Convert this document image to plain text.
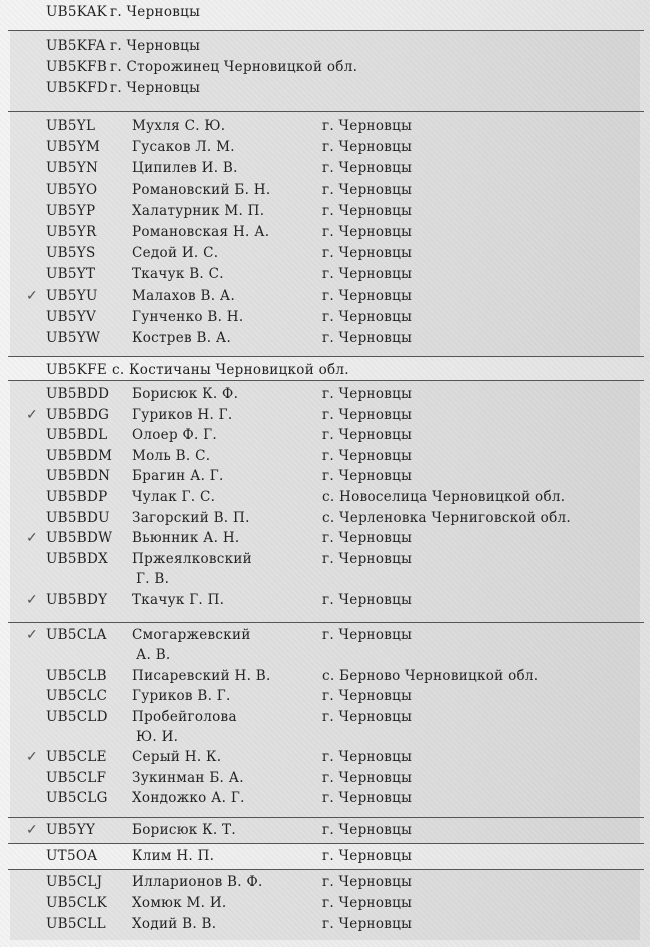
UB5KAK г. Черновцы
UB5KFA г. Черновцы
UB5KFB г. Сторожинец Черновицкой обл.
UB5KFD г. Черновцы
UB5YL	Мухля С. Ю.	г. Черновцы
UB5YM Гусаков Л. М.	г. Черновцы
UB5YN	Ципилев И. В.	г. Черновцы
UB5YO	Романовский Б. Н.	г. Черновцы
UB5YP	Халатурник М. П.	г. Черновцы
UB5YR	Романовская Н. А.	г. Черновцы
UB5YS	Седой И. С.	г. Черновцы
UB5YT	Ткачук В. С.	г. Черновцы
✓ UB5YU	Малахов В. А.	г. Черновцы
UB5YV	Гунченко В. Н.	г. Черновцы
UB5YW Кострев В. А.	г. Черновцы
UB5KFE с. Костичаны Черновицкой обл.
UB5BDD Борисюк К. Ф.	г. Черновцы
✓ UB5BDG Гуриков Н. Г.	г. Черновцы
UB5BDL Олоер Ф. Г.	г. Черновцы
UB5BDM Моль В. С.	г. Черновцы
UB5BDN Брагин А. Г.	г. Черновцы
UB5BDP Чулак Г. С.	с. Новоселица Черновицкой обл.
UB5BDU Загорский В. П.	с. Черленовка Черниговской обл.
✓ UB5BDW Вьюнник А. Н.	г. Черновцы
UB5BDX Пржеялковский	г. Черновцы
Г. В.
✓ UB5BDY Ткачук Г. П.	г. Черновцы
✓ UB5CLA Смогаржевский	г. Черновцы
А. В.
UB5CLB Писаревский Н. В.	с. Берново Черновицкой обл.
UB5CLC Гуриков В. Г.	г. Черновцы
UB5CLD Пробейголова	г. Черновцы
Ю. И.
✓ UB5CLE Серый Н. К.	г. Черновцы
UB5CLF Зукинман Б. А.	г. Черновцы
UB5CLG Хондожко А. Г.	г. Черновцы
✓ UB5YY	Борисюк К. Т.	г. Черновцы
UT5OA	Клим Н. П.	г. Черновцы
UB5CLJ Илларионов В. Ф.	г. Черновцы
UB5CLK Хомюк М. И.	г. Черновцы
UB5CLL Ходий В. В.	г. Черновцы
